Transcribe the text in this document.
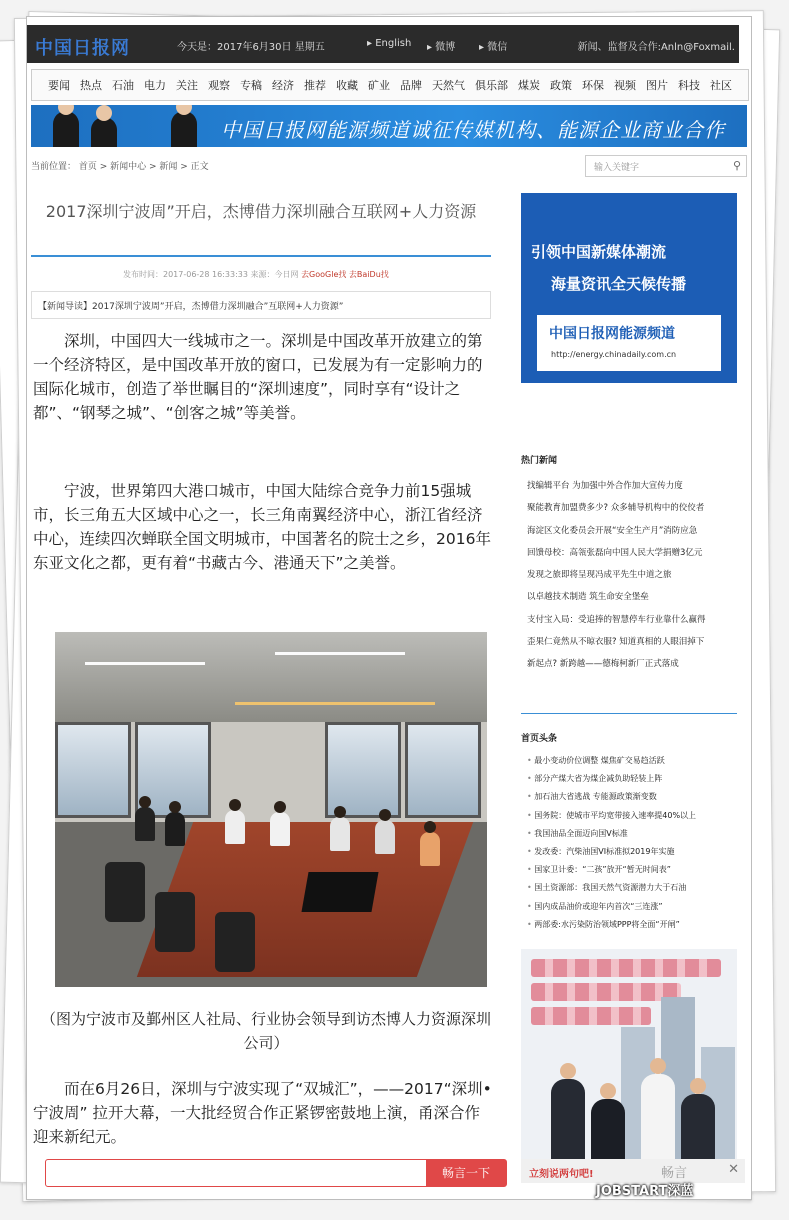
中国日报网	今天是：2017年6月30日 星期五	▸ English ▸ 微博 ▸ 微信	新闻、监督及合作:Anln@Foxmail.
要闻 热点 石油 电力 关注 观察 专稿 经济 推荐 收藏 矿业 品牌 天然气 俱乐部 煤炭 政策 环保 视频 图片 科技 社区
中国日报网能源频道诚征传媒机构、能源企业商业合作
当前位置： 首页 > 新闻中心 > 新闻 > 正文	输入关键字	⚲
2017深圳宁波周”开启，杰博借力深圳融合互联网+人力资源
发布时间：2017-06-28 16:33:33 来源：今日网 去GooGle找 去BaiDu找
【新闻导读】2017深圳宁波周”开启，杰博借力深圳融合”互联网+人力资源”
深圳，中国四大一线城市之一。深圳是中国改革开放建立的第一个经济特区，是中国改革开放的窗口，已发展为有一定影响力的国际化城市，创造了举世瞩目的“深圳速度”，同时享有“设计之都”、“钢琴之城”、“创客之城”等美誉。
宁波，世界第四大港口城市，中国大陆综合竞争力前15强城市，长三角五大区域中心之一，长三角南翼经济中心，浙江省经济中心，连续四次蝉联全国文明城市，中国著名的院士之乡，2016年东亚文化之都，更有着“书藏古今、港通天下”之美誉。
（图为宁波市及鄞州区人社局、行业协会领导到访杰博人力资源深圳公司）
而在6月26日，深圳与宁波实现了“双城汇”，——2017“深圳•宁波周” 拉开大幕，一大批经贸合作正紧锣密鼓地上演，甬深合作迎来新纪元。
引领中国新媒体潮流
海量资讯全天候传播
中国日报网能源频道
http://energy.chinadaily.com.cn
热门新闻
找编辑平台 为加强中外合作加大宣传力度
聚能教育加盟费多少? 众多辅导机构中的佼佼者
海淀区文化委员会开展“安全生产月”消防应急
回馈母校：高瓴张磊向中国人民大学捐赠3亿元
发现之旅即将呈现冯成平先生中道之旅
以卓越技术制造 筑生命安全堡垒
支付宝入局：受追捧的智慧停车行业靠什么赢得
歪果仁竟然从不晾衣服? 知道真相的人眼泪掉下
新起点? 新跨越——德梅柯新厂正式落成
首页头条
• 最小变动价位调整 煤焦矿交易趋活跃
• 部分产煤大省为煤企减负助轻装上阵
• 加石油大省逃战 专能源政策渐变数
• 国务院：使城市平均宽带接入速率提40%以上
• 我国油品全面迈向国V标准
• 发改委：汽柴油国VI标准拟2019年实施
• 国家卫计委：“二孩”放开“暂无时间表”
• 国土资源部：我国天然气资源潜力大于石油
• 国内成品油价或迎年内首次“三连涨”
• 两部委:水污染防治领域PPP将全面“开闸”
畅言一下	立刻说两句吧!	畅言	✕
JOBSTART深蓝
